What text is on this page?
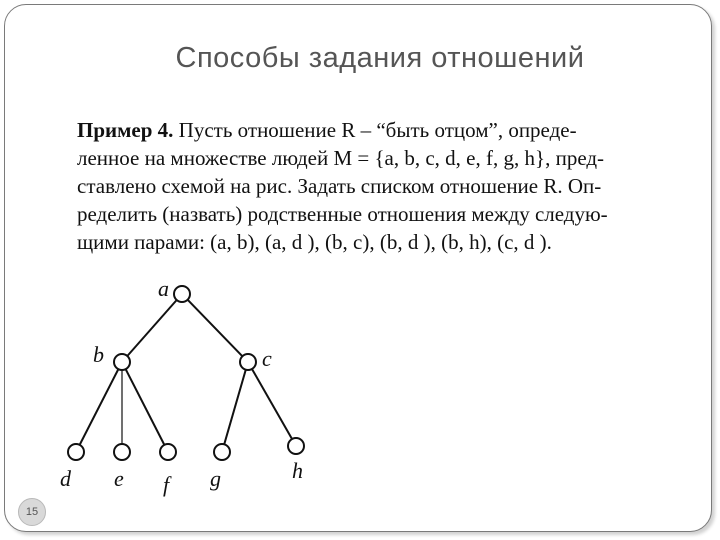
Способы задания отношений
Пример 4. Пусть отношение R – “быть отцом”, опреде-
ленное на множестве людей M = {a, b, c, d, e, f, g, h}, пред-
ставлено схемой на рис. Задать списком отношение R. Оп-
ределить (назвать) родственные отношения между следую-
щими парами: (a, b), (a, d ), (b, c), (b, d ), (b, h), (c, d ).
a
b	c
d e f g	h
15
